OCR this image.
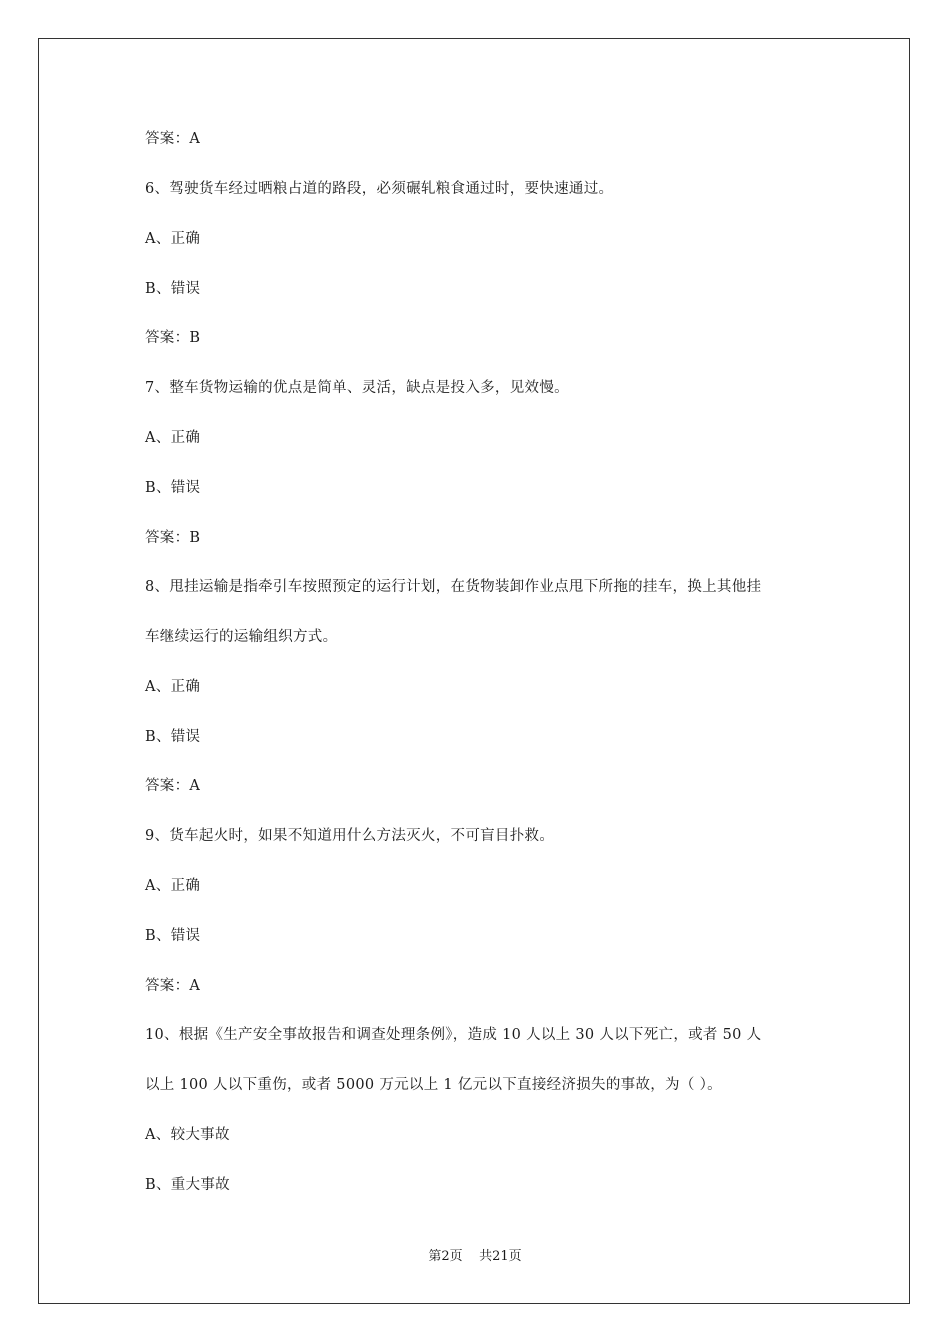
答案：A
6、驾驶货车经过晒粮占道的路段，必须碾轧粮食通过时，要快速通过。
A、正确
B、错误
答案：B
7、整车货物运输的优点是简单、灵活，缺点是投入多，见效慢。
A、正确
B、错误
答案：B
8、甩挂运输是指牵引车按照预定的运行计划，在货物装卸作业点甩下所拖的挂车，换上其他挂
车继续运行的运输组织方式。
A、正确
B、错误
答案：A
9、货车起火时，如果不知道用什么方法灭火，不可盲目扑救。
A、正确
B、错误
答案：A
10、根据《生产安全事故报告和调查处理条例》，造成 10 人以上 30 人以下死亡，或者 50 人
以上 100 人以下重伤，或者 5000 万元以上 1 亿元以下直接经济损失的事故，为（ ）。
A、较大事故
B、重大事故
第2页    共21页
